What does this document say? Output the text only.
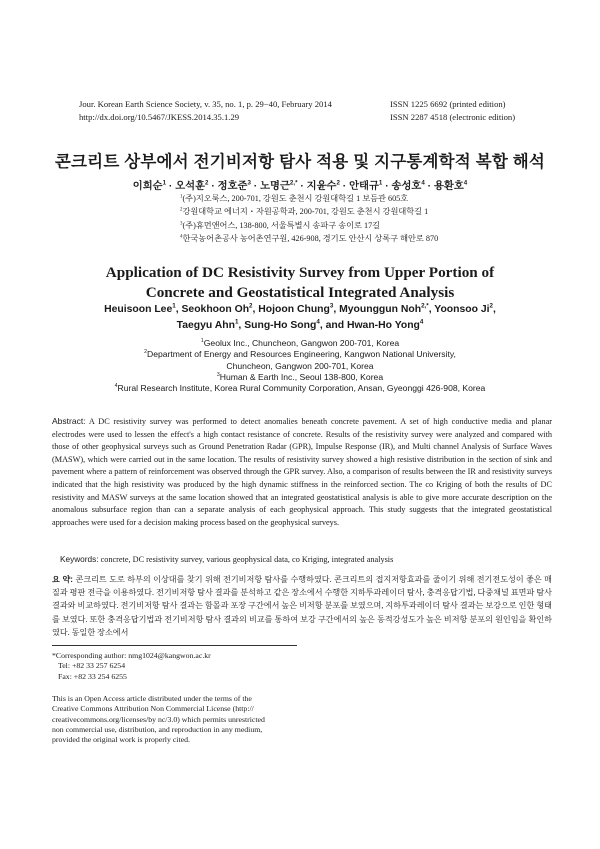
Jour. Korean Earth Science Society, v. 35, no. 1, p. 29−40, February 2014
http://dx.doi.org/10.5467/JKESS.2014.35.1.29
ISSN 1225 6692 (printed edition)
ISSN 2287 4518 (electronic edition)
콘크리트 상부에서 전기비저항 탐사 적용 및 지구통계학적 복합 해석
이희순$^1$ · 오석훈$^2$ · 정호준$^3$ · 노명근$^{2,*}$ · 지윤수$^2$ · 안태규$^1$ · 송성호$^4$ · 용환호$^4$
$^1$(주)지오룩스, 200-701, 강원도 춘천시 강원대학길 1 보듬관 605호
$^2$강원대학교 에너지・자원공학과, 200-701, 강원도 춘천시 강원대학길 1
$^3$(주)휴먼앤어스, 138-800, 서울특별시 송파구 송이로 17길
$^4$한국농어촌공사 농어촌연구원, 426-908, 경기도 안산시 상록구 해안로 870
Application of DC Resistivity Survey from Upper Portion of
Concrete and Geostatistical Integrated Analysis
Heuisoon Lee$^1$, Seokhoon Oh$^2$, Hojoon Chung$^3$, Myounggun Noh$^{2,*}$, Yoonsoo Ji$^2$,
Taegyu Ahn$^1$, Sung-Ho Song$^4$, and Hwan-Ho Yong$^4$
$^1$Geolux Inc., Chuncheon, Gangwon 200-701, Korea
$^2$Department of Energy and Resources Engineering, Kangwon National University,
Chuncheon, Gangwon 200-701, Korea
$^3$Human & Earth Inc., Seoul 138-800, Korea
$^4$Rural Research Institute, Korea Rural Community Corporation, Ansan, Gyeonggi 426-908, Korea
Abstract: A DC resistivity survey was performed to detect anomalies beneath concrete pavement. A set of high conductive media and planar electrodes were used to lessen the effect's a high contact resistance of concrete. Results of the resistivity survey were analyzed and compared with those of other geophysical surveys such as Ground Penetration Radar (GPR), Impulse Response (IR), and Multi channel Analysis of Surface Waves (MASW), which were carried out in the same location. The results of resistivity survey showed a high resistive distribution in the section of sink and pavement where a pattern of reinforcement was observed through the GPR survey. Also, a comparison of results between the IR and resistivity surveys indicated that the high resistivity was produced by the high dynamic stiffness in the reinforced section. The co Kriging of both the results of DC resistivity and MASW surveys at the same location showed that an integrated geostatistical analysis is able to give more accurate description on the anomalous subsurface region than can a separate analysis of each geophysical approach. This study suggests that the integrated geostatistical approaches were used for a decision making process based on the geophysical surveys.
Keywords: concrete, DC resistivity survey, various geophysical data, co Kriging, integrated analysis
요 약: 콘크리트 도로 하부의 이상대를 찾기 위해 전기비저항 탐사를 수행하였다. 콘크리트의 접지저항효과를 줄이기 위해 전기전도성이 좋은 매질과 평판 전극을 이용하였다. 전기비저항 탐사 결과를 분석하고 같은 장소에서 수행한 지하투과레이더 탐사, 충격응답기법, 다중채널 표면파 탐사 결과와 비교하였다. 전기비저항 탐사 결과는 함몰과 포장 구간에서 높은 비저항 분포를 보였으며, 지하투과레이더 탐사 결과는 보강으로 인한 형태를 보였다. 또한 충격응답기법과 전기비저항 탐사 결과의 비교를 통하여 보강 구간에서의 높은 동적강성도가 높은 비저항 분포의 원인임을 확인하였다. 동일한 장소에서
*Corresponding author: nmg1024@kangwon.ac.kr
Tel: +82 33 257 6254
Fax: +82 33 254 6255
This is an Open Access article distributed under the terms of the
Creative Commons Attribution Non Commercial License (http://
creativecommons.org/licenses/by nc/3.0) which permits unrestricted
non commercial use, distribution, and reproduction in any medium,
provided the original work is properly cited.
